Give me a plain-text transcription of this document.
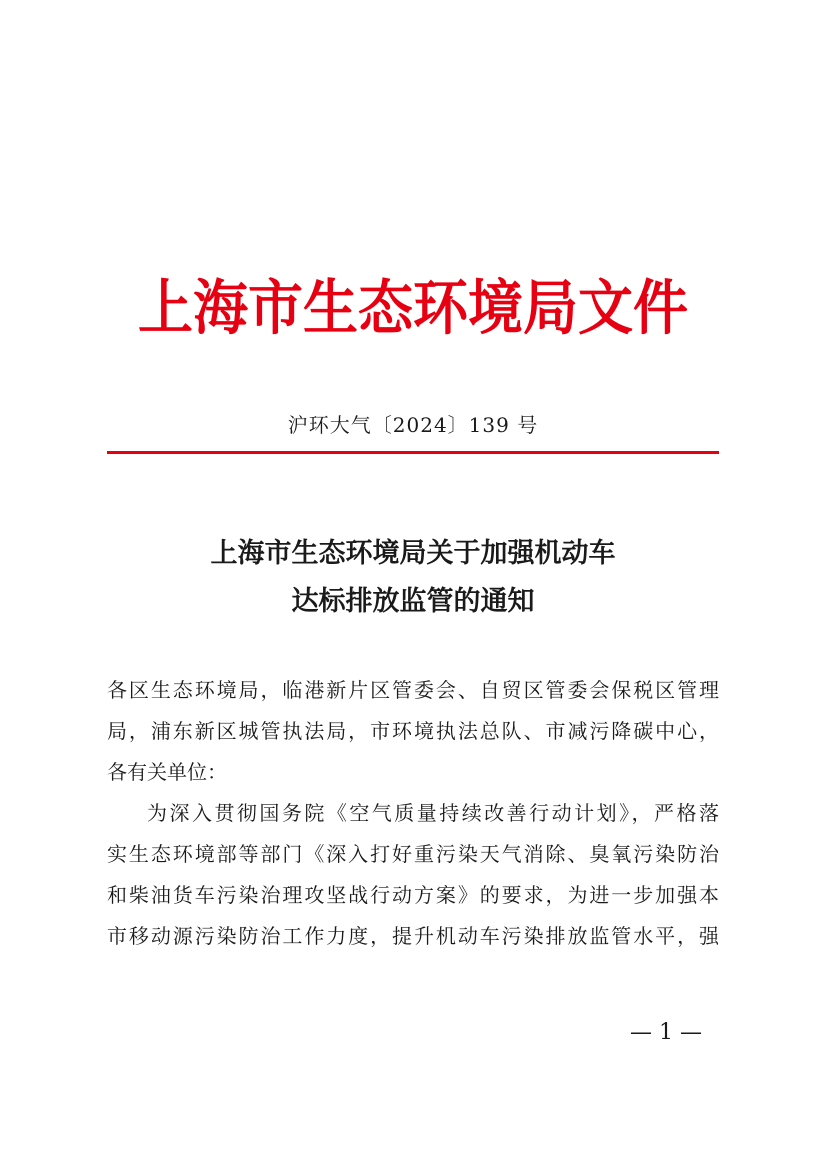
上海市生态环境局文件
沪环大气〔2024〕139 号
上海市生态环境局关于加强机动车
达标排放监管的通知
各区生态环境局，临港新片区管委会、自贸区管委会保税区管理
局，浦东新区城管执法局，市环境执法总队、市减污降碳中心，
各有关单位：
为深入贯彻国务院《空气质量持续改善行动计划》，严格落
实生态环境部等部门《深入打好重污染天气消除、臭氧污染防治
和柴油货车污染治理攻坚战行动方案》的要求，为进一步加强本
市移动源污染防治工作力度，提升机动车污染排放监管水平，强
— 1 —
